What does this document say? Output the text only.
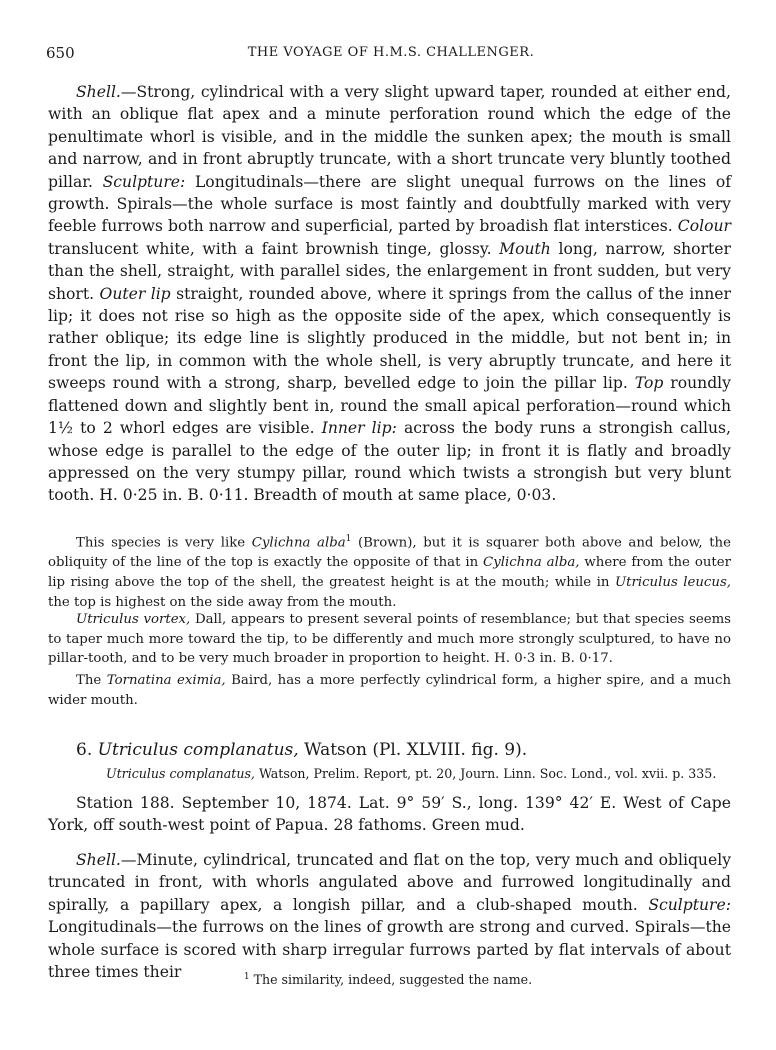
650	THE VOYAGE OF H.M.S. CHALLENGER.

Shell.—Strong, cylindrical with a very slight upward taper, rounded at either end, with an oblique flat apex and a minute perforation round which the edge of the penultimate whorl is visible, and in the middle the sunken apex; the mouth is small and narrow, and in front abruptly truncate, with a short truncate very bluntly toothed pillar. Sculpture: Longitudinals—there are slight unequal furrows on the lines of growth. Spirals—the whole surface is most faintly and doubtfully marked with very feeble furrows both narrow and superficial, parted by broadish flat interstices. Colour translucent white, with a faint brownish tinge, glossy. Mouth long, narrow, shorter than the shell, straight, with parallel sides, the enlargement in front sudden, but very short. Outer lip straight, rounded above, where it springs from the callus of the inner lip; it does not rise so high as the opposite side of the apex, which consequently is rather oblique; its edge line is slightly produced in the middle, but not bent in; in front the lip, in common with the whole shell, is very abruptly truncate, and here it sweeps round with a strong, sharp, bevelled edge to join the pillar lip. Top roundly flattened down and slightly bent in, round the small apical perforation—round which 1½ to 2 whorl edges are visible. Inner lip: across the body runs a strongish callus, whose edge is parallel to the edge of the outer lip; in front it is flatly and broadly appressed on the very stumpy pillar, round which twists a strongish but very blunt tooth. H. 0·25 in. B. 0·11. Breadth of mouth at same place, 0·03.

This species is very like Cylichna alba$^1$ (Brown), but it is squarer both above and below, the obliquity of the line of the top is exactly the opposite of that in Cylichna alba, where from the outer lip rising above the top of the shell, the greatest height is at the mouth; while in Utriculus leucus, the top is highest on the side away from the mouth.

Utriculus vortex, Dall, appears to present several points of resemblance; but that species seems to taper much more toward the tip, to be differently and much more strongly sculptured, to have no pillar-tooth, and to be very much broader in proportion to height. H. 0·3 in. B. 0·17.

The Tornatina eximia, Baird, has a more perfectly cylindrical form, a higher spire, and a much wider mouth.

6. Utriculus complanatus, Watson (Pl. XLVIII. fig. 9).

Utriculus complanatus, Watson, Prelim. Report, pt. 20, Journ. Linn. Soc. Lond., vol. xvii. p. 335.

Station 188. September 10, 1874. Lat. 9° 59′ S., long. 139° 42′ E. West of Cape York, off south-west point of Papua. 28 fathoms. Green mud.

Shell.—Minute, cylindrical, truncated and flat on the top, very much and obliquely truncated in front, with whorls angulated above and furrowed longitudinally and spirally, a papillary apex, a longish pillar, and a club-shaped mouth. Sculpture: Longitudinals—the furrows on the lines of growth are strong and curved. Spirals—the whole surface is scored with sharp irregular furrows parted by flat intervals of about three times their	$^1$ The similarity, indeed, suggested the name.
